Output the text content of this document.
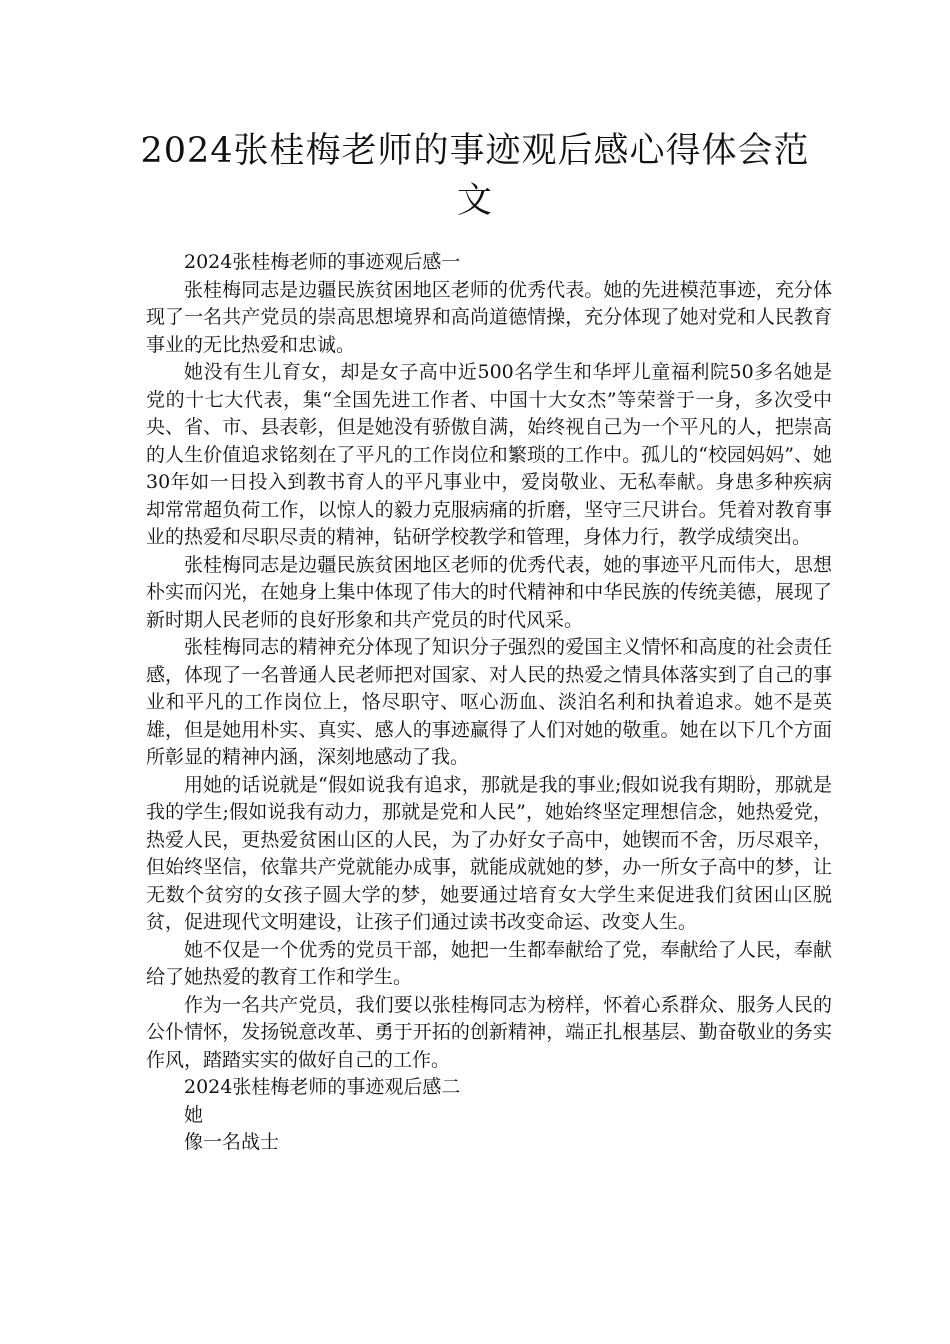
2024张桂梅老师的事迹观后感心得体会范文

2024张桂梅老师的事迹观后感一

张桂梅同志是边疆民族贫困地区老师的优秀代表。她的先进模范事迹，充分体现了一名共产党员的崇高思想境界和高尚道德情操，充分体现了她对党和人民教育事业的无比热爱和忠诚。

她没有生儿育女，却是女子高中近500名学生和华坪儿童福利院50多名她是党的十七大代表，集“全国先进工作者、中国十大女杰”等荣誉于一身，多次受中央、省、市、县表彰，但是她没有骄傲自满，始终视自己为一个平凡的人，把崇高的人生价值追求铭刻在了平凡的工作岗位和繁琐的工作中。孤儿的“校园妈妈”、她30年如一日投入到教书育人的平凡事业中，爱岗敬业、无私奉献。身患多种疾病却常常超负荷工作，以惊人的毅力克服病痛的折磨，坚守三尺讲台。凭着对教育事业的热爱和尽职尽责的精神，钻研学校教学和管理，身体力行，教学成绩突出。

张桂梅同志是边疆民族贫困地区老师的优秀代表，她的事迹平凡而伟大，思想朴实而闪光，在她身上集中体现了伟大的时代精神和中华民族的传统美德，展现了新时期人民老师的良好形象和共产党员的时代风采。

张桂梅同志的精神充分体现了知识分子强烈的爱国主义情怀和高度的社会责任感，体现了一名普通人民老师把对国家、对人民的热爱之情具体落实到了自己的事业和平凡的工作岗位上，恪尽职守、呕心沥血、淡泊名利和执着追求。她不是英雄，但是她用朴实、真实、感人的事迹赢得了人们对她的敬重。她在以下几个方面所彰显的精神内涵，深刻地感动了我。

用她的话说就是“假如说我有追求，那就是我的事业;假如说我有期盼，那就是我的学生;假如说我有动力，那就是党和人民”，她始终坚定理想信念，她热爱党，热爱人民，更热爱贫困山区的人民，为了办好女子高中，她锲而不舍，历尽艰辛，但始终坚信，依靠共产党就能办成事，就能成就她的梦，办一所女子高中的梦，让无数个贫穷的女孩子圆大学的梦，她要通过培育女大学生来促进我们贫困山区脱贫，促进现代文明建设，让孩子们通过读书改变命运、改变人生。

她不仅是一个优秀的党员干部，她把一生都奉献给了党，奉献给了人民，奉献给了她热爱的教育工作和学生。

作为一名共产党员，我们要以张桂梅同志为榜样，怀着心系群众、服务人民的公仆情怀，发扬锐意改革、勇于开拓的创新精神，端正扎根基层、勤奋敬业的务实作风，踏踏实实的做好自己的工作。

2024张桂梅老师的事迹观后感二

她

像一名战士
